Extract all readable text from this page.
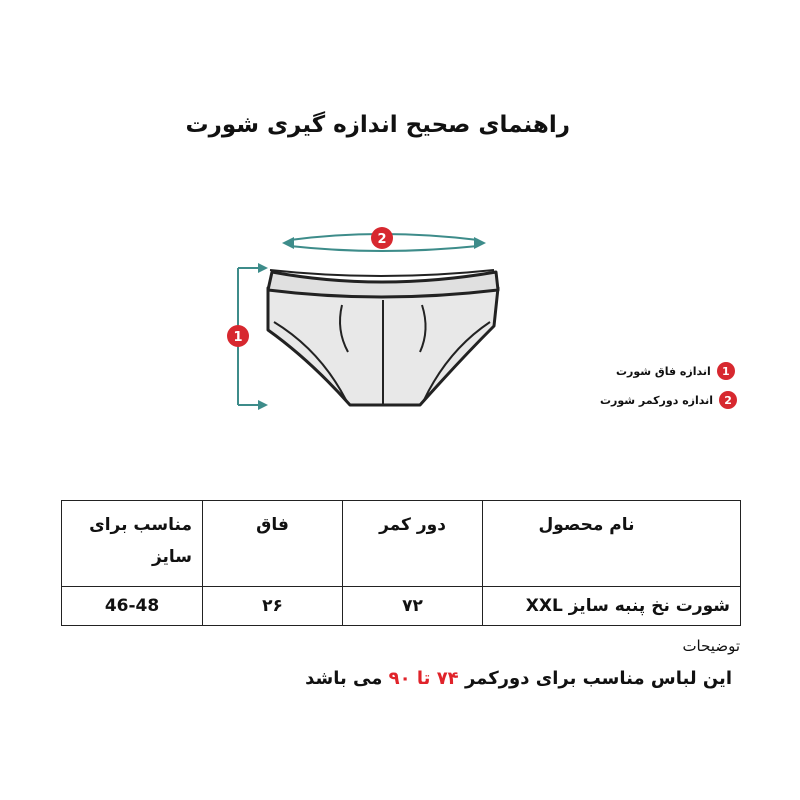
راهنمای صحیح اندازه گیری شورت
2
1
1
اندازه فاق شورت
2
اندازه دورکمر شورت
نام محصول	دور کمر	فاق	مناسب برای
سایز

شورت نخ پنبه سایز XXL	۷۲	۲۶	46-48
توضیحات
این لباس مناسب برای دورکمر ۷۴ تا ۹۰ می باشد
